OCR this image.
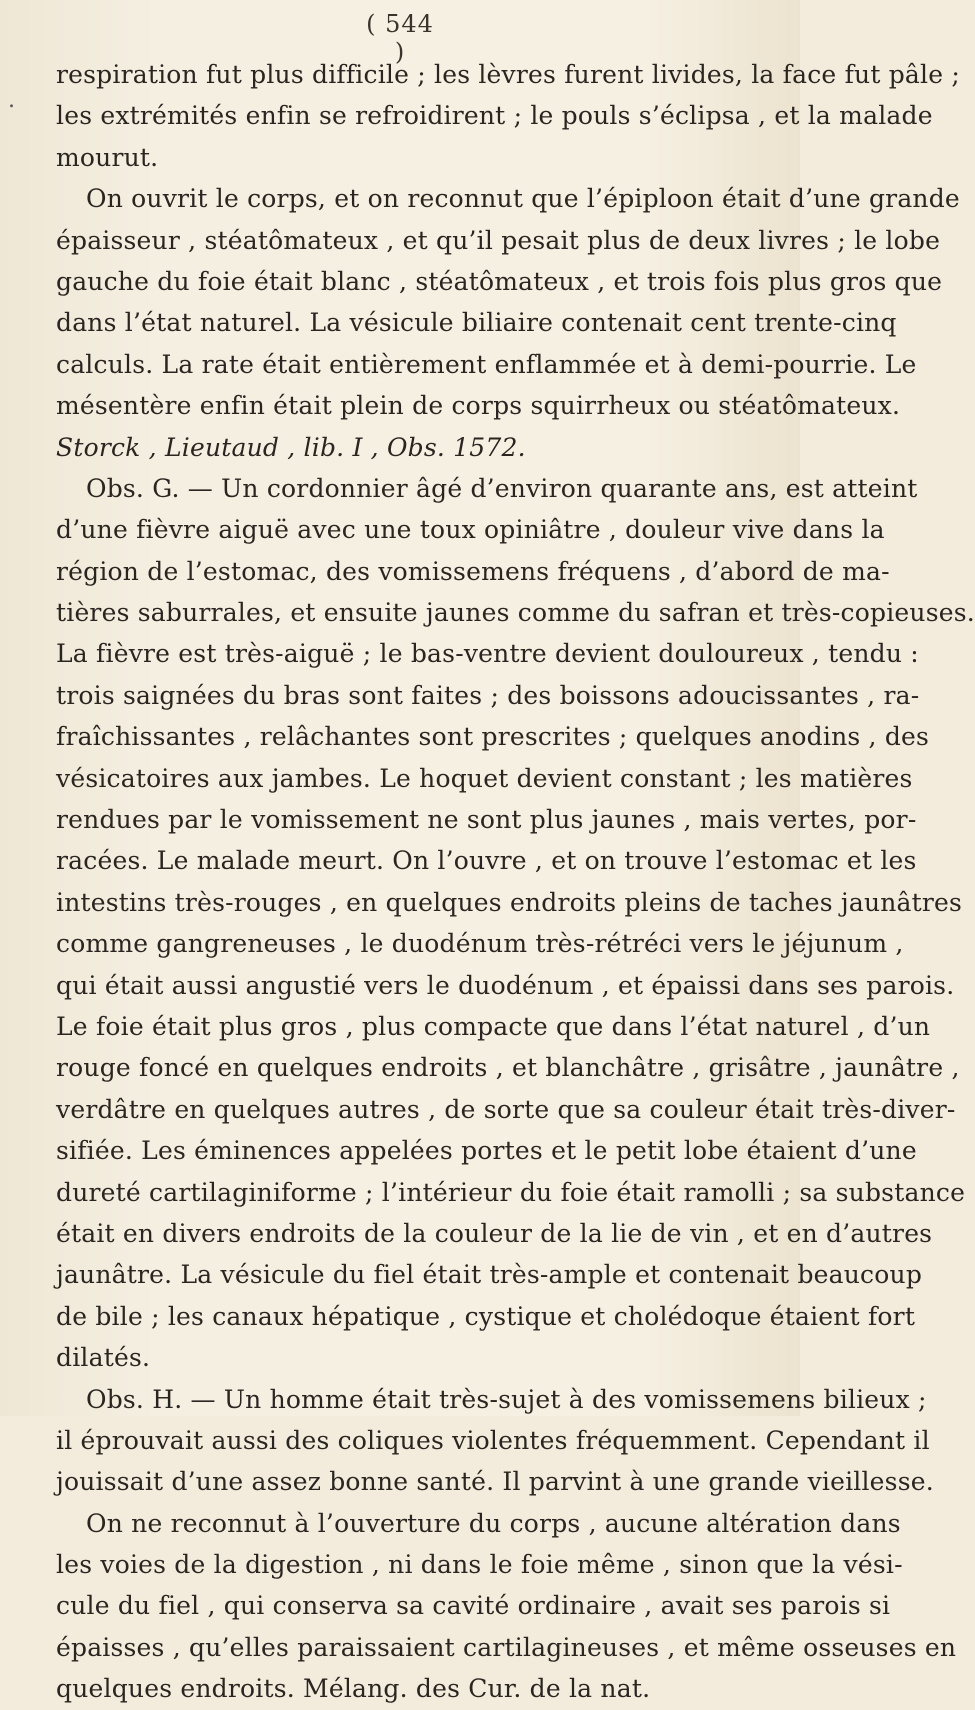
( 544 )
.
respiration fut plus difficile ; les lèvres furent livides, la face fut pâle ;
les extrémités enfin se refroidirent ; le pouls s’éclipsa , et la malade
mourut.
On ouvrit le corps, et on reconnut que l’épiploon était d’une grande
épaisseur , stéatômateux , et qu’il pesait plus de deux livres ; le lobe
gauche du foie était blanc , stéatômateux , et trois fois plus gros que
dans l’état naturel. La vésicule biliaire contenait cent trente-cinq
calculs. La rate était entièrement enflammée et à demi-pourrie. Le
mésentère enfin était plein de corps squirrheux ou stéatômateux.
Storck , Lieutaud , lib. I , Obs. 1572.
Obs. G. — Un cordonnier âgé d’environ quarante ans, est atteint
d’une fièvre aiguë avec une toux opiniâtre , douleur vive dans la
région de l’estomac, des vomissemens fréquens , d’abord de ma-
tières saburrales, et ensuite jaunes comme du safran et très-copieuses.
La fièvre est très-aiguë ; le bas-ventre devient douloureux , tendu :
trois saignées du bras sont faites ; des boissons adoucissantes , ra-
fraîchissantes , relâchantes sont prescrites ; quelques anodins , des
vésicatoires aux jambes. Le hoquet devient constant ; les matières
rendues par le vomissement ne sont plus jaunes , mais vertes, por-
racées. Le malade meurt. On l’ouvre , et on trouve l’estomac et les
intestins très-rouges , en quelques endroits pleins de taches jaunâtres
comme gangreneuses , le duodénum très-rétréci vers le jéjunum ,
qui était aussi angustié vers le duodénum , et épaissi dans ses parois.
Le foie était plus gros , plus compacte que dans l’état naturel , d’un
rouge foncé en quelques endroits , et blanchâtre , grisâtre , jaunâtre ,
verdâtre en quelques autres , de sorte que sa couleur était très-diver-
sifiée. Les éminences appelées portes et le petit lobe étaient d’une
dureté cartilaginiforme ; l’intérieur du foie était ramolli ; sa substance
était en divers endroits de la couleur de la lie de vin , et en d’autres
jaunâtre. La vésicule du fiel était très-ample et contenait beaucoup
de bile ; les canaux hépatique , cystique et cholédoque étaient fort
dilatés.
Obs. H. — Un homme était très-sujet à des vomissemens bilieux ;
il éprouvait aussi des coliques violentes fréquemment. Cependant il
jouissait d’une assez bonne santé. Il parvint à une grande vieillesse.
On ne reconnut à l’ouverture du corps , aucune altération dans
les voies de la digestion , ni dans le foie même , sinon que la vési-
cule du fiel , qui conserva sa cavité ordinaire , avait ses parois si
épaisses , qu’elles paraissaient cartilagineuses , et même osseuses en
quelques endroits. Mélang. des Cur. de la nat.
